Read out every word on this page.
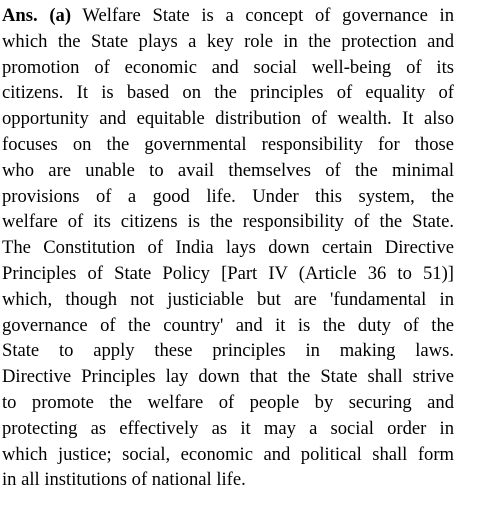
Ans. (a) Welfare State is a concept of governance in
which the State plays a key role in the protection and
promotion of economic and social well-being of its
citizens. It is based on the principles of equality of
opportunity and equitable distribution of wealth. It also
focuses on the governmental responsibility for those
who are unable to avail themselves of the minimal
provisions of a good life. Under this system, the
welfare of its citizens is the responsibility of the State.
The Constitution of India lays down certain Directive
Principles of State Policy [Part IV (Article 36 to 51)]
which, though not justiciable but are 'fundamental in
governance of the country' and it is the duty of the
State to apply these principles in making laws.
Directive Principles lay down that the State shall strive
to promote the welfare of people by securing and
protecting as effectively as it may a social order in
which justice; social, economic and political shall form
in all institutions of national life.
